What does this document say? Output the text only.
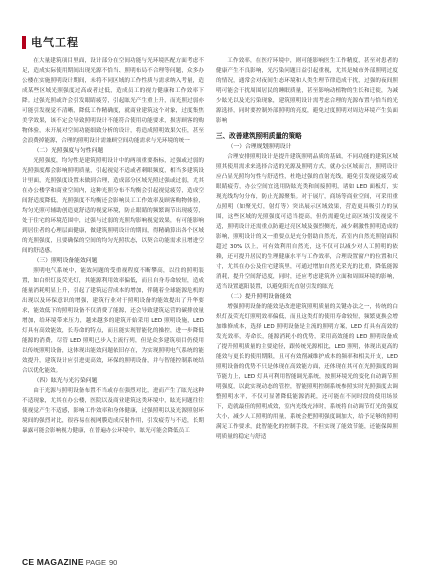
电气工程

在大量建筑项目里面，设计部分在空间功能与光环境匹配方面考虑不足，造成实际使用期间出现光源不恰当、照明布局不合理等问题，众多办公楼在实施照明设计期间，未将不同区域的工作性质与需求纳入考量，造成某些区域光照强度过高或者过低，造成员工的视力健康和工作效率下降。过强光照或许会引发眼睛疲劳，引起眩光产生重上升，而光照过弱亦可能引发视觉不清晰，降低工作精确度，就商业建筑这个对象，过度集焦美学效果，该不定会导致照明设计不能符合使用功能要求，损害顾客的购物体验，未开展对空间功能细致分析的设计，将造成照明效果欠佳，甚至会浪费掉能源，合理的照明设计需兼顾空间功能需求与光环境的统一

（二）光照强度与匀性问题

光照强度，均匀性是建筑照明设计中的两项重要指标，过强或过弱的光照强度都会影响照明质量，引起视觉不适或者刺眼频度，相当多建筑设计里面，光照强度设置未做到合理，造成部分区域光照过强或过弱，尤其在办公楼学和商业空间内，这种光照分布不均衡会引起视觉疲劳，造成空间舒适度降低，光照强度不均衡还会影响员工工作效率及顾客购物体验，均匀光照可辅助创造更舒适的视觉环境，防止眼睛的频繁调节出现疲劳，处于住宅的环境范围中，过强与过弱的光照均影响视觉效果，有可能影响到居住者的心理层面健康，做建筑照明设计的期间，得精确算出各个区域的光照强度，且要确保的空间的均匀光照状态，以契合功能需求且增进空间的舒适感。

（三）照明设备能效问题

照明电气系统中，能效问题的受重视程度不断攀高，以往的照明装置，如白炽灯及荧光灯，其能源利用效率偏低，而且自身寿命较短，造成能量消耗明显上升，引起了建筑运营成本的增加，伴随着全球能源危机的出现以及环保意识的增强，建筑行业对于照明设备的能效提出了升华要求，能效低下的照明设备不仅消费了能源，还会导致建筑运营的碳排放量增加，给环境带来压力，越来越多的建筑开始采用 LED 照明设施，LED 灯具有高效能效，长寿命的特点，而且能实现智能化的操控，进一步降低能源的消费，尽管 LED 照明已步入主流行列，但是众多建筑项目仍使用以传统照明设备，这体现出能效问题依旧存在，为实现照明电气系统的能效提升，建筑设计应引进更高效，环保的照明设备，并与智能控制系统结合以优化能效。

（四）眩光与光污染问题

由于光源与照明设备布置不当或存在强烈对比，进而产生了眩光这种不适现象，尤其在办公楼，医院以及商业建筑这类环境中，眩光问题往往使视觉产生不适感，影响工作效率和身体健康，过强照明以及光源照射环境间的强烈对比，很容易在视网膜造成反射作用，引发疲劳与不适，长期暴露可能会影响视力健康，在普遍办公环境中，眩光可能会降低员工

工作效率，在医疗环境中，则可能影响医生工作精度，甚至对患者的健康产生不良影响，光污染问题日益引起重视，尤其是城市外部照明过度的情况，通常会对夜间生态环境和人类生理节律造成干扰，过强的夜间照明可能会干扰周围居民的睡眠质量，甚至影响动植物的生长和迁徙，为减少眩光以及光污染现象，建筑照明设计需考虑合理的光源布置与恰当的光源选择，同时要控制外部照明的亮度，避免过度照明对周边环境产生负面影响

三、改善建筑照明质量的策略

（一）合理规划照明设计

合理安排照明设计是提升建筑照明品质的基础，不同功能的建筑区域照其使用需求来选择合适的光源及照明方式，就办公区域而言，照明设计应凸显光照均匀性与舒适性，杜绝过强的直射光线，避免引发视觉疲劳或眼睛疲劳，办公空间宜选用防眩光类和间接照明，诸如 LED 面板灯，实现光线均匀分布，防止光源聚集。对于展厅，商场等商业空间，可采用重点照明（如聚光灯，射灯等）突出展示区域效果，营造更具吸引力的氛围，这些区域的光照强度可适当提高，但仍需避免过高区域引发视觉不适，照明设计还需重点防避过亮区域及强烈侧光，减少刺激性照明造成的影响，照明设计的又一重要点是充分借助自然光，若室内自然光照射面积超过 30% 以上，可有效利用自然光，这不仅可以减少对人工照明的依赖，还可提升居民的生理健康水平与工作效率，合理设置窗户的位置和尺寸，尤其在办公及住宅建筑里，可通过增加自然光采光的比重，降低能源消耗，提升空间舒适度，同时，还应考虑建筑外立面和周围环境的影响，适当设置遮阳装置，以避免阳光直射引发的眩光

（二）提升照明设备能效

增强照明设备的能效是改进建筑照明质量的关键办法之一，传统的白炽灯及荧光灯照明效率偏低，而且这类灯的使用寿命较短，频繁更换会增加维修成本，选择 LED 照明设备是主流的照明方案，LED 灯具有高效的发光效率，寿命长，能源消耗小的优势，采用高效能的 LED 照明设备成了提升照明质量的主要途径，跟传统光源相比，LED 照明，体现出更高的能效与更长的使用期限，且可有效削减维护成本的频率和相关开支，LED 照明设备的优势不只是体现在高效能方面，还体现在其可在光照强度的调节能力上，LED 灯具可利用智能调光系统，按照环境光的变化自动调节照明强度，以此实现动态的管控，智能照明控制系统参照实时光照强度去调整照明水平，不仅可显著降低能源消耗，还可能在不同时段的使用场景下，造就最佳的照明成效，室内光线充沛时，系统将自动调节灯光的强度大小，减少人工照明的用量，系统会把照明强度调加大，给予足够的照明满足工作要求，此智能化的控制手段，不但实现了能效节能，还能保障照明质量的稳定与舒适

CE MAGAZINE PAGE 90
